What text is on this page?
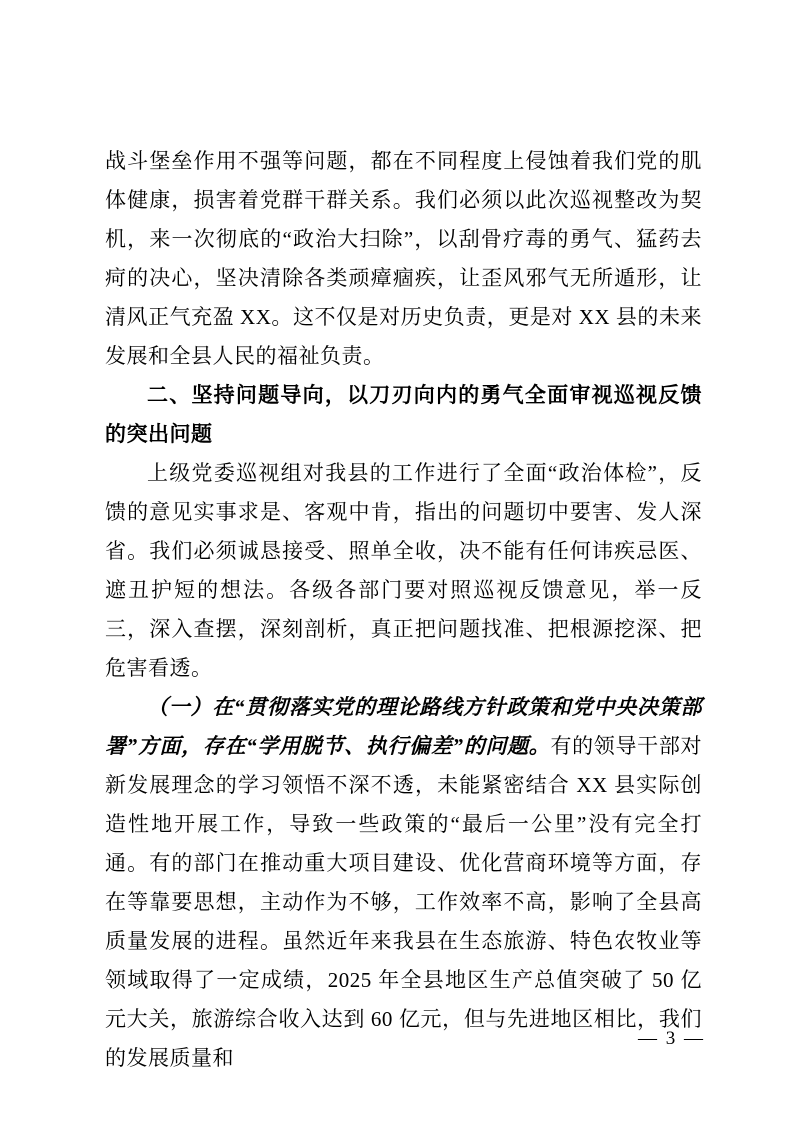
战斗堡垒作用不强等问题，都在不同程度上侵蚀着我们党的肌体健康，损害着党群干群关系。我们必须以此次巡视整改为契机，来一次彻底的“政治大扫除”，以刮骨疗毒的勇气、猛药去疴的决心，坚决清除各类顽瘴痼疾，让歪风邪气无所遁形，让清风正气充盈 XX。这不仅是对历史负责，更是对 XX 县的未来发展和全县人民的福祉负责。

二、坚持问题导向，以刀刃向内的勇气全面审视巡视反馈的突出问题

上级党委巡视组对我县的工作进行了全面“政治体检”，反馈的意见实事求是、客观中肯，指出的问题切中要害、发人深省。我们必须诚恳接受、照单全收，决不能有任何讳疾忌医、遮丑护短的想法。各级各部门要对照巡视反馈意见，举一反三，深入查摆，深刻剖析，真正把问题找准、把根源挖深、把危害看透。

（一）在“贯彻落实党的理论路线方针政策和党中央决策部署”方面，存在“学用脱节、执行偏差”的问题。有的领导干部对新发展理念的学习领悟不深不透，未能紧密结合 XX 县实际创造性地开展工作，导致一些政策的“最后一公里”没有完全打通。有的部门在推动重大项目建设、优化营商环境等方面，存在等靠要思想，主动作为不够，工作效率不高，影响了全县高质量发展的进程。虽然近年来我县在生态旅游、特色农牧业等领域取得了一定成绩，2025 年全县地区生产总值突破了 50 亿元大关，旅游综合收入达到 60 亿元，但与先进地区相比，我们的发展质量和

— 3 —
